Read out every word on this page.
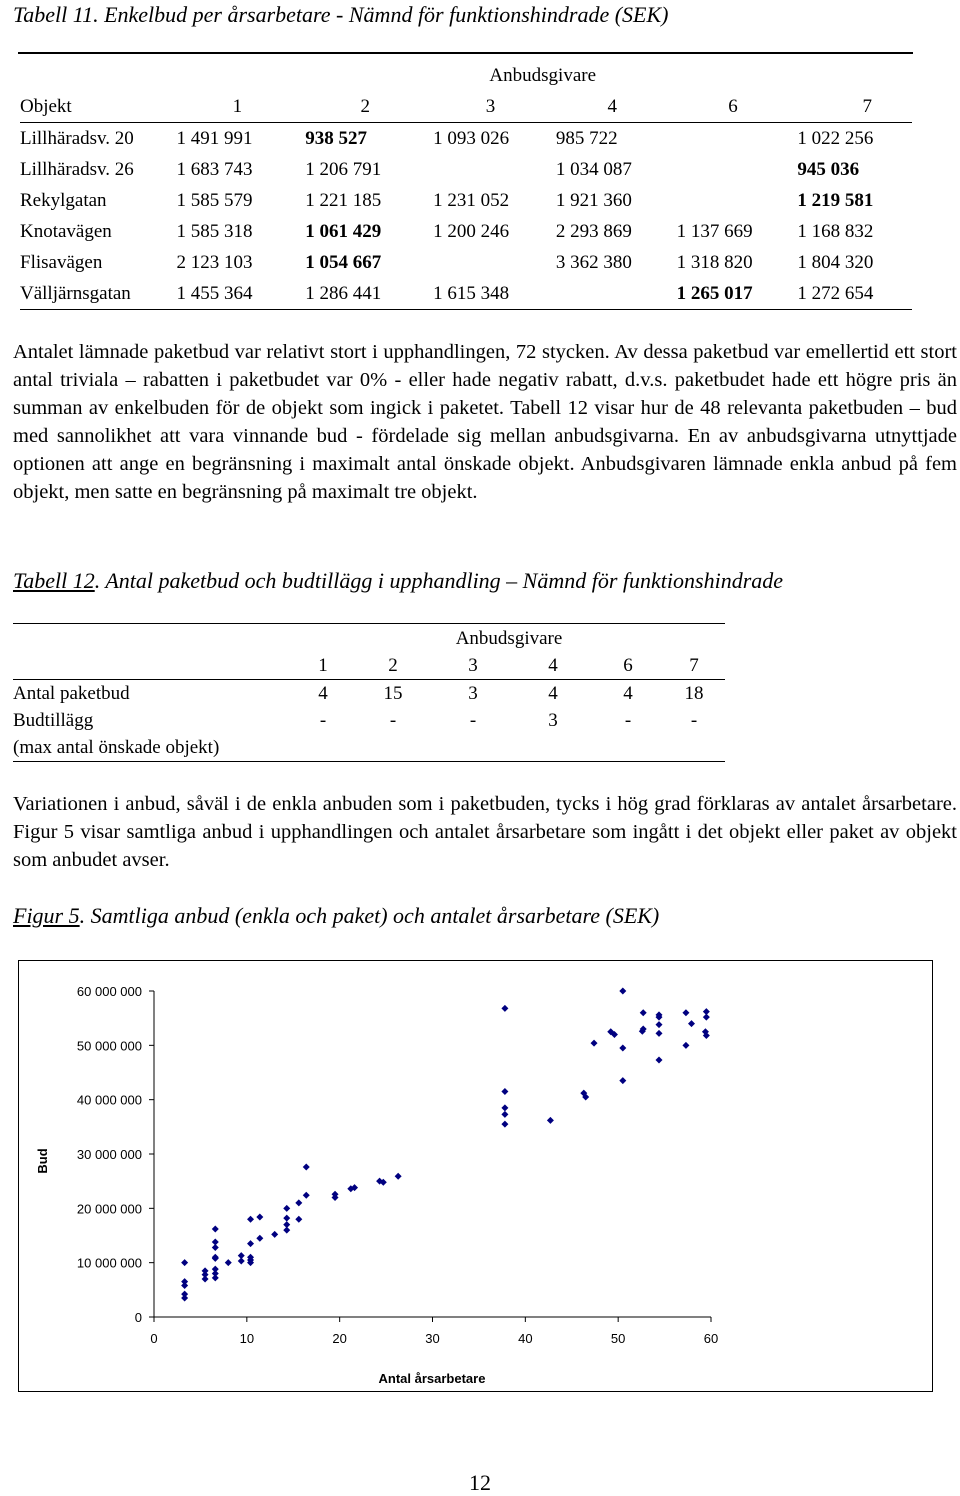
Tabell 11. Enkelbud per årsarbetare - Nämnd för funktionshindrade (SEK)
	Anbudsgivare					
Objekt	1	2	3	4	6	7
Lillhäradsv. 20	1 491 991	938 527	1 093 026	985 722		1 022 256
Lillhäradsv. 26	1 683 743	1 206 791		1 034 087		945 036
Rekylgatan	1 585 579	1 221 185	1 231 052	1 921 360		1 219 581
Knotavägen	1 585 318	1 061 429	1 200 246	2 293 869	1 137 669	1 168 832
Flisavägen	2 123 103	1 054 667		3 362 380	1 318 820	1 804 320
Välljärnsgatan	1 455 364	1 286 441	1 615 348		1 265 017	1 272 654
Antalet lämnade paketbud var relativt stort i upphandlingen, 72 stycken. Av dessa paketbud var emellertid ett stort antal triviala – rabatten i paketbudet var 0% - eller hade negativ rabatt, d.v.s. paketbudet hade ett högre pris än summan av enkelbuden för de objekt som ingick i paketet. Tabell 12 visar hur de 48 relevanta paketbuden – bud med sannolikhet att vara vinnande bud - fördelade sig mellan anbudsgivarna. En av anbudsgivarna utnyttjade optionen att ange en begränsning i maximalt antal önskade objekt. Anbudsgivaren lämnade enkla anbud på fem objekt, men satte en begränsning på maximalt tre objekt.
Tabell 12. Antal paketbud och budtillägg i upphandling – Nämnd för funktionshindrade
	Anbudsgivare					
	1	2	3	4	6	7
Antal paketbud	4	15	3	4	4	18
Budtillägg	-	-	-	3	-	-
(max antal önskade objekt)						
Variationen i anbud, såväl i de enkla anbuden som i paketbuden, tycks i hög grad förklaras av antalet årsarbetare. Figur 5 visar samtliga anbud i upphandlingen och antalet årsarbetare som ingått i det objekt eller paket av objekt som anbudet avser.
Figur 5. Samtliga anbud (enkla och paket) och antalet årsarbetare (SEK)
0
10 000 000
20 000 000
30 000 000
40 000 000
50 000 000
60 000 000
0	10	20	30	40	50	60
Bud
Antal årsarbetare
12
